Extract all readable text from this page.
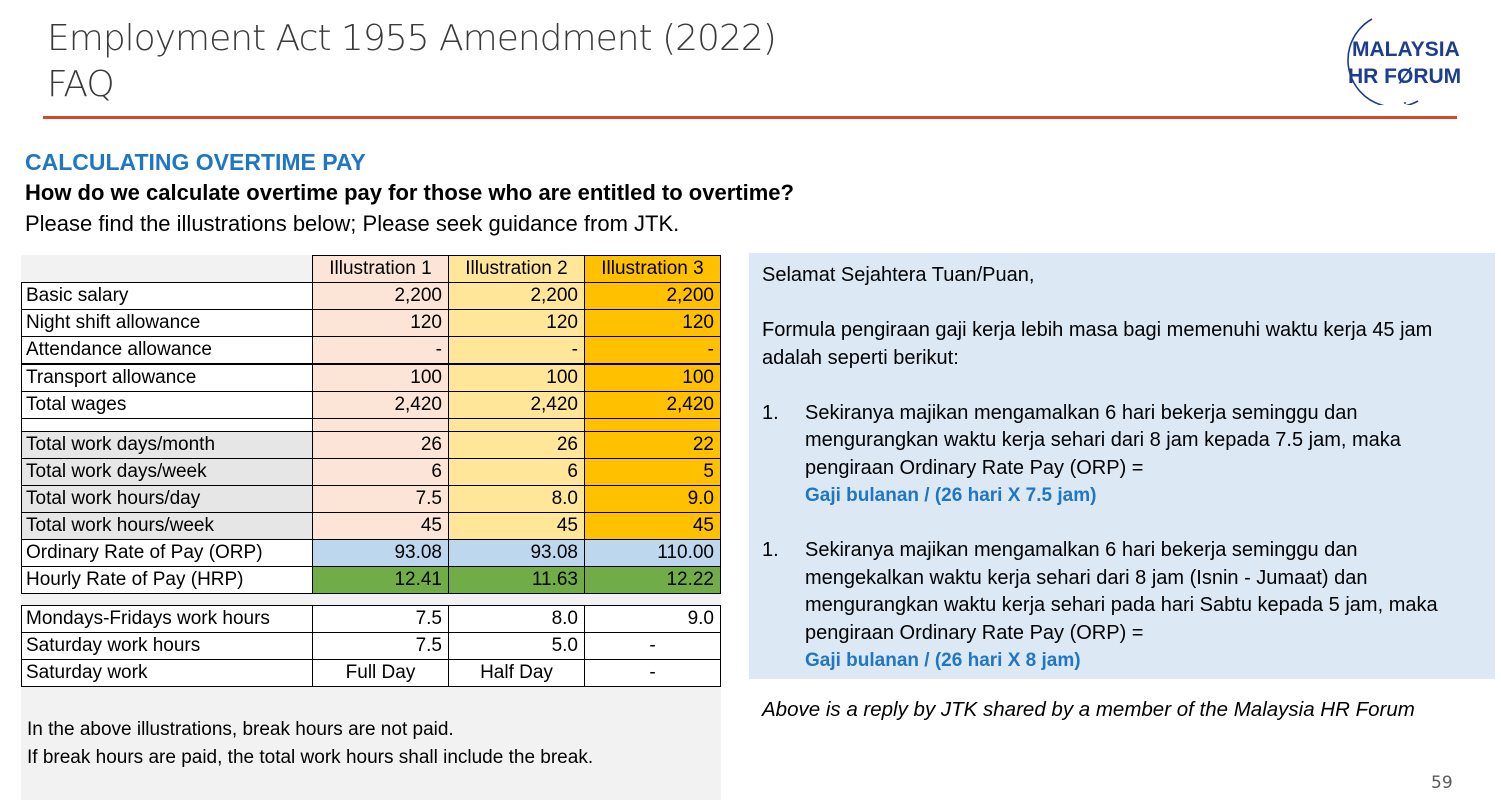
Employment Act 1955 Amendment (2022)
FAQ
MALAYSIA
HR FØRUM
CALCULATING OVERTIME PAY
How do we calculate overtime pay for those who are entitled to overtime?
Please find the illustrations below; Please seek guidance from JTK.
	Illustration 1	Illustration 2	Illustration 3
Basic salary	2,200	2,200	2,200
Night shift allowance	120	120	120
Attendance allowance	-	-	-
Transport allowance	100	100	100
Total wages	2,420	2,420	2,420

Total work days/month	26	26	22
Total work days/week	6	6	5
Total work hours/day	7.5	8.0	9.0
Total work hours/week	45	45	45
Ordinary Rate of Pay (ORP)	93.08	93.08	110.00
Hourly Rate of Pay (HRP)	12.41	11.63	12.22

Mondays-Fridays work hours	7.5	8.0	9.0
Saturday work hours	7.5	5.0	-
Saturday work	Full Day	Half Day	-
In the above illustrations, break hours are not paid.
If break hours are paid, the total work hours shall include the break.

Selamat Sejahtera Tuan/Puan,

Formula pengiraan gaji kerja lebih masa bagi memenuhi waktu kerja 45 jam adalah seperti berikut:

1. Sekiranya majikan mengamalkan 6 hari bekerja seminggu dan mengurangkan waktu kerja sehari dari 8 jam kepada 7.5 jam, maka pengiraan Ordinary Rate Pay (ORP) =
Gaji bulanan / (26 hari X 7.5 jam)
1. Sekiranya majikan mengamalkan 6 hari bekerja seminggu dan mengekalkan waktu kerja sehari dari 8 jam (Isnin - Jumaat) dan mengurangkan waktu kerja sehari pada hari Sabtu kepada 5 jam, maka pengiraan Ordinary Rate Pay (ORP) =
Gaji bulanan / (26 hari X 8 jam)
Above is a reply by JTK shared by a member of the Malaysia HR Forum
59
